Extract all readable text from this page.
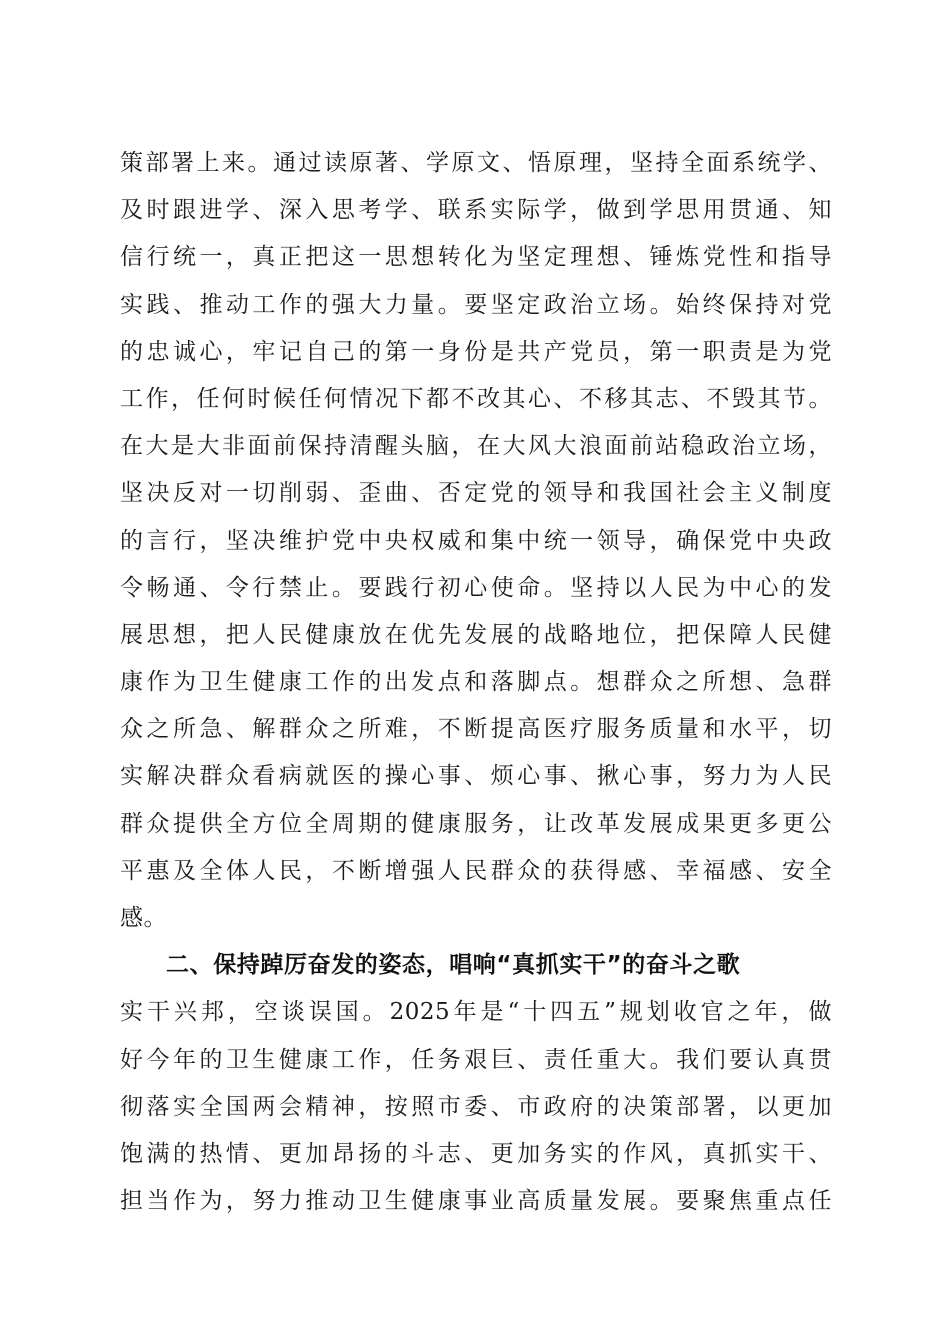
策部署上来。通过读原著、学原文、悟原理，坚持全面系统学、
及时跟进学、深入思考学、联系实际学，做到学思用贯通、知
信行统一，真正把这一思想转化为坚定理想、锤炼党性和指导
实践、推动工作的强大力量。要坚定政治立场。始终保持对党
的忠诚心，牢记自己的第一身份是共产党员，第一职责是为党
工作，任何时候任何情况下都不改其心、不移其志、不毁其节。
在大是大非面前保持清醒头脑，在大风大浪面前站稳政治立场，
坚决反对一切削弱、歪曲、否定党的领导和我国社会主义制度
的言行，坚决维护党中央权威和集中统一领导，确保党中央政
令畅通、令行禁止。要践行初心使命。坚持以人民为中心的发
展思想，把人民健康放在优先发展的战略地位，把保障人民健
康作为卫生健康工作的出发点和落脚点。想群众之所想、急群
众之所急、解群众之所难，不断提高医疗服务质量和水平，切
实解决群众看病就医的操心事、烦心事、揪心事，努力为人民
群众提供全方位全周期的健康服务，让改革发展成果更多更公
平惠及全体人民，不断增强人民群众的获得感、幸福感、安全
感。
二、保持踔厉奋发的姿态，唱响“真抓实干”的奋斗之歌
实干兴邦，空谈误国。2025年是“十四五”规划收官之年，做
好今年的卫生健康工作，任务艰巨、责任重大。我们要认真贯
彻落实全国两会精神，按照市委、市政府的决策部署，以更加
饱满的热情、更加昂扬的斗志、更加务实的作风，真抓实干、
担当作为，努力推动卫生健康事业高质量发展。要聚焦重点任
